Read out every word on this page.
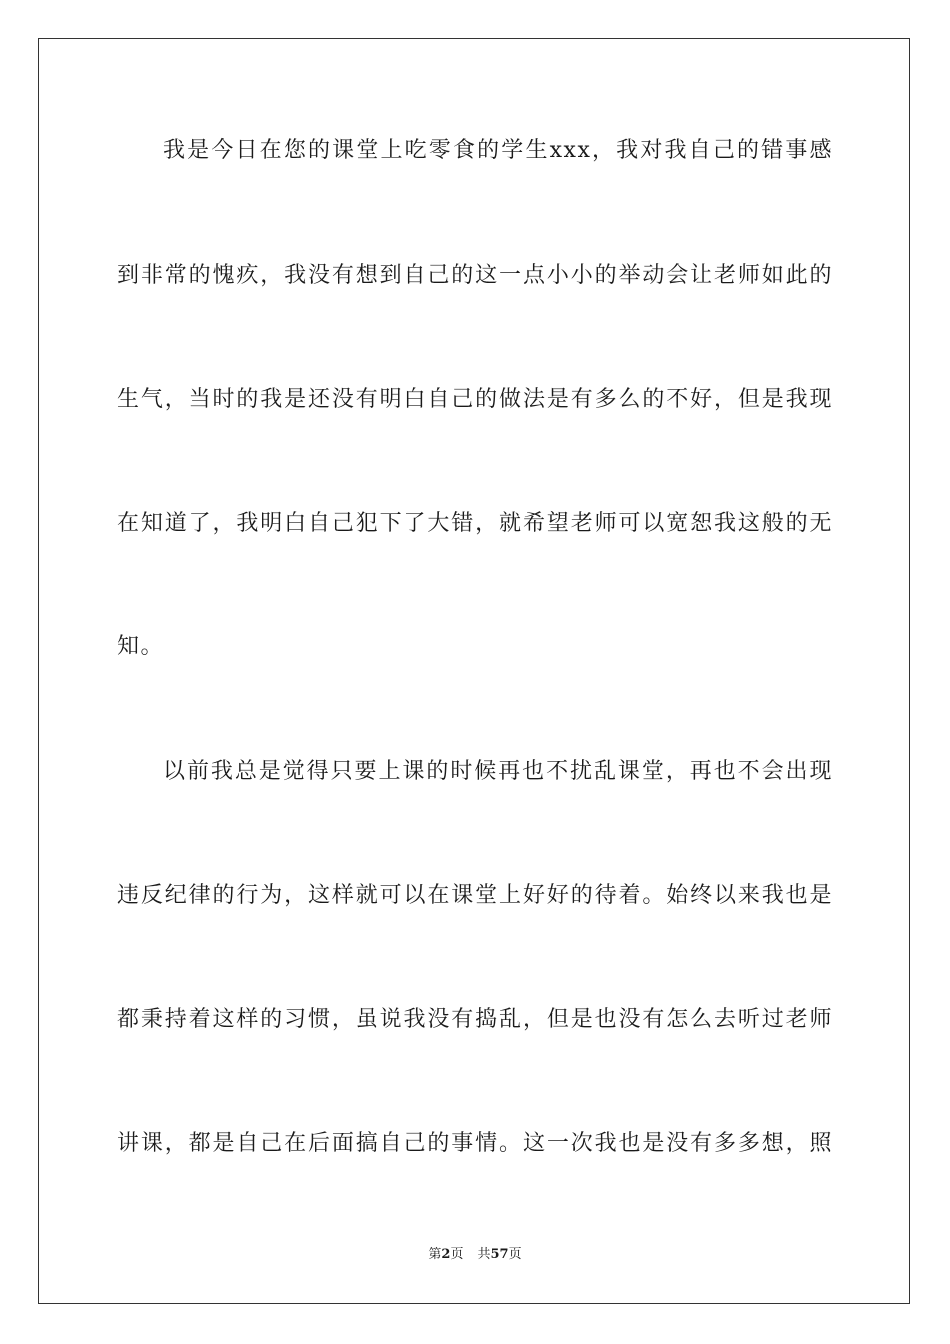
我是今日在您的课堂上吃零食的学生xxx，我对我自己的错事感
到非常的愧疚，我没有想到自己的这一点小小的举动会让老师如此的
生气，当时的我是还没有明白自己的做法是有多么的不好，但是我现
在知道了，我明白自己犯下了大错，就希望老师可以宽恕我这般的无
知。
以前我总是觉得只要上课的时候再也不扰乱课堂，再也不会出现
违反纪律的行为，这样就可以在课堂上好好的待着。始终以来我也是
都秉持着这样的习惯，虽说我没有捣乱，但是也没有怎么去听过老师
讲课，都是自己在后面搞自己的事情。这一次我也是没有多多想，照
第2页 共57页
